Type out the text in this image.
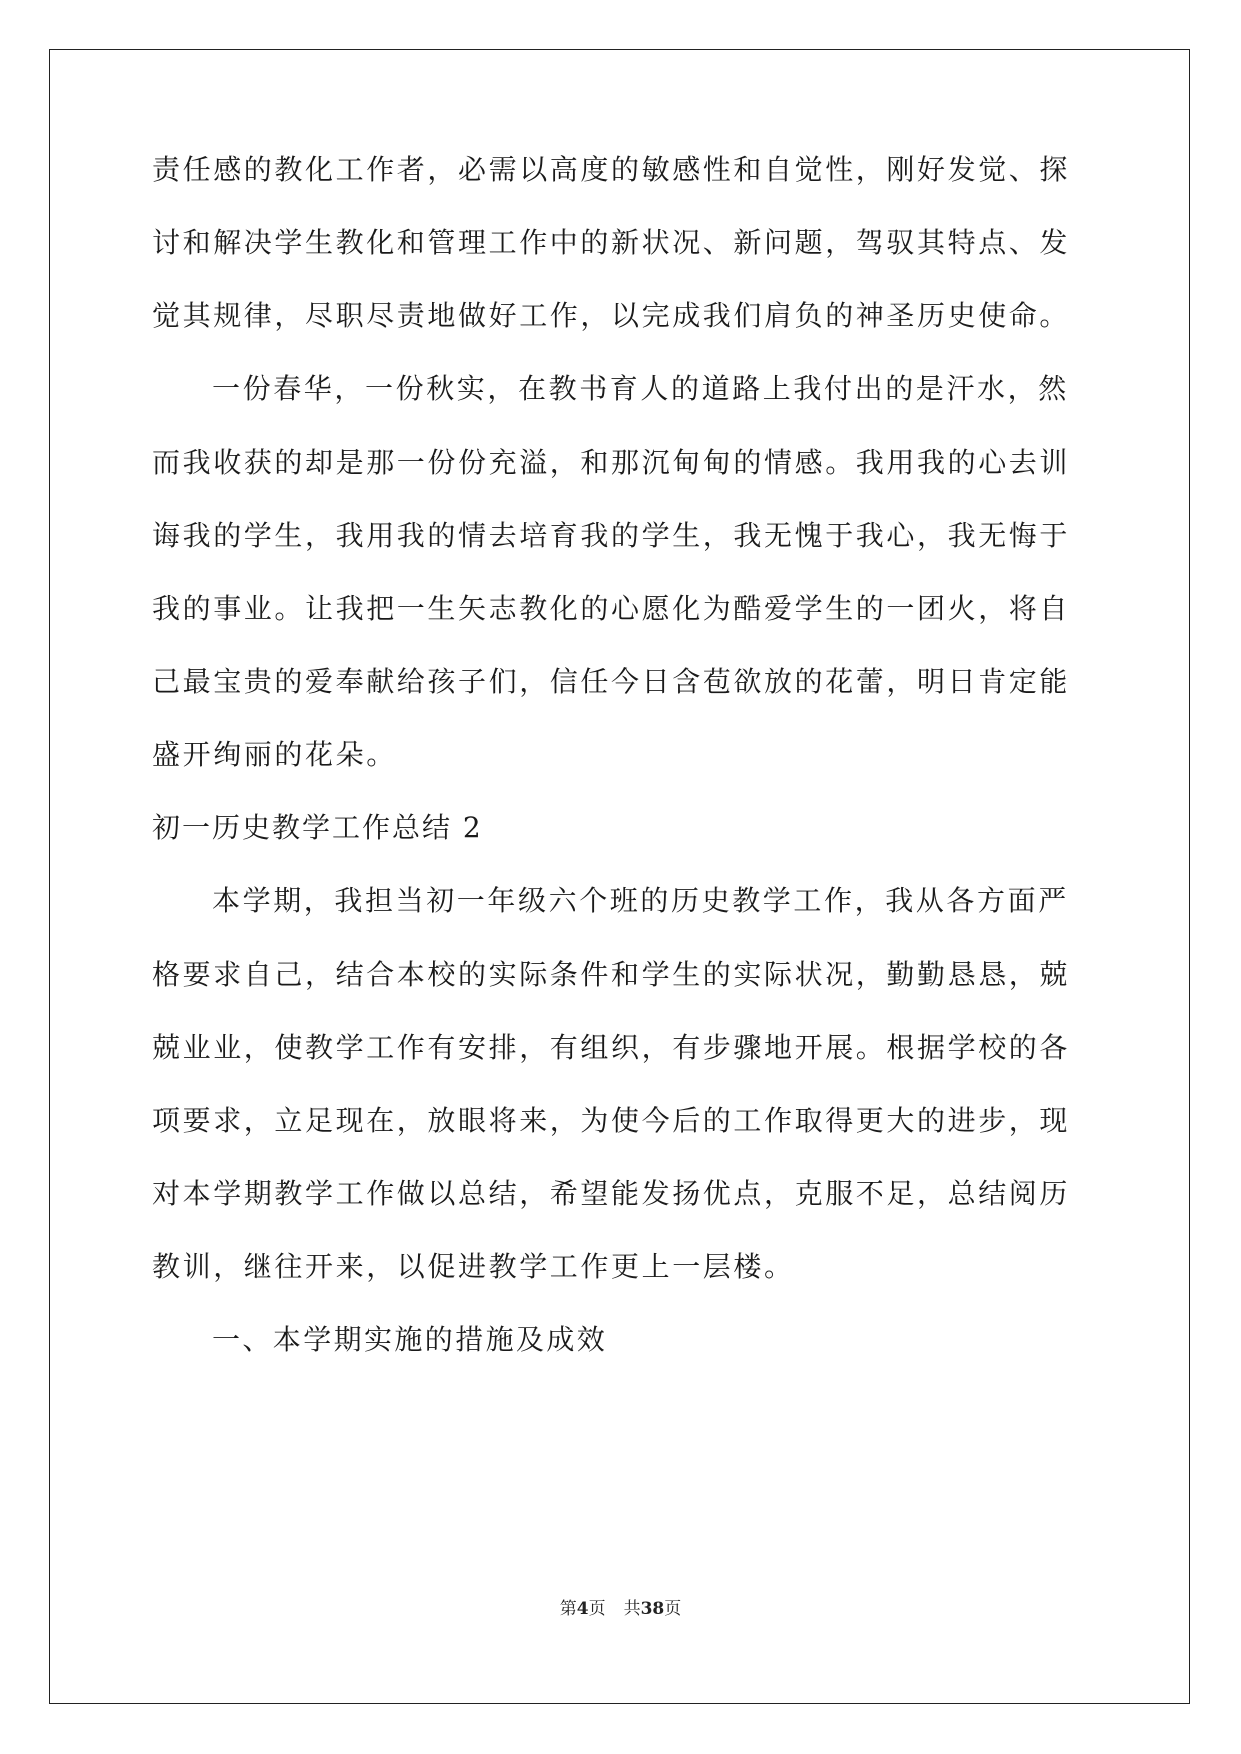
责任感的教化工作者，必需以高度的敏感性和自觉性，刚好发觉、探
讨和解决学生教化和管理工作中的新状况、新问题，驾驭其特点、发
觉其规律，尽职尽责地做好工作，以完成我们肩负的神圣历史使命。
一份春华，一份秋实，在教书育人的道路上我付出的是汗水，然
而我收获的却是那一份份充溢，和那沉甸甸的情感。我用我的心去训
诲我的学生，我用我的情去培育我的学生，我无愧于我心，我无悔于
我的事业。让我把一生矢志教化的心愿化为酷爱学生的一团火，将自
己最宝贵的爱奉献给孩子们，信任今日含苞欲放的花蕾，明日肯定能
盛开绚丽的花朵。
初一历史教学工作总结 2
本学期，我担当初一年级六个班的历史教学工作，我从各方面严
格要求自己，结合本校的实际条件和学生的实际状况，勤勤恳恳，兢
兢业业，使教学工作有安排，有组织，有步骤地开展。根据学校的各
项要求，立足现在，放眼将来，为使今后的工作取得更大的进步，现
对本学期教学工作做以总结，希望能发扬优点，克服不足，总结阅历
教训，继往开来，以促进教学工作更上一层楼。
一、本学期实施的措施及成效
第4页 共38页
